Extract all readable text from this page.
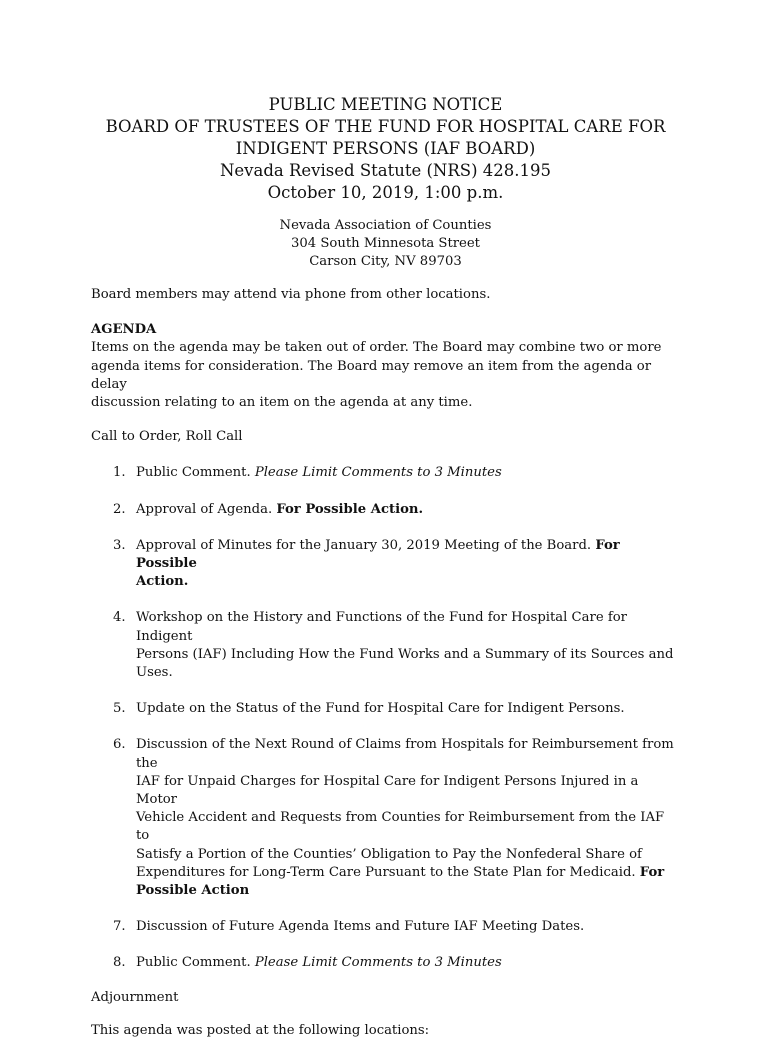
PUBLIC MEETING NOTICE
BOARD OF TRUSTEES OF THE FUND FOR HOSPITAL CARE FOR
INDIGENT PERSONS (IAF BOARD)
Nevada Revised Statute (NRS) 428.195
October 10, 2019, 1:00 p.m.
Nevada Association of Counties
304 South Minnesota Street
Carson City, NV 89703

Board members may attend via phone from other locations.

AGENDA
Items on the agenda may be taken out of order. The Board may combine two or more
agenda items for consideration. The Board may remove an item from the agenda or delay
discussion relating to an item on the agenda at any time.

Call to Order, Roll Call

1. Public Comment. Please Limit Comments to 3 Minutes
2. Approval of Agenda. For Possible Action.
3. Approval of Minutes for the January 30, 2019 Meeting of the Board. For Possible
Action.
4. Workshop on the History and Functions of the Fund for Hospital Care for Indigent
Persons (IAF) Including How the Fund Works and a Summary of its Sources and
Uses.
5. Update on the Status of the Fund for Hospital Care for Indigent Persons.
6. Discussion of the Next Round of Claims from Hospitals for Reimbursement from the
IAF for Unpaid Charges for Hospital Care for Indigent Persons Injured in a Motor
Vehicle Accident and Requests from Counties for Reimbursement from the IAF to
Satisfy a Portion of the Counties’ Obligation to Pay the Nonfederal Share of
Expenditures for Long-Term Care Pursuant to the State Plan for Medicaid. For
Possible Action
7. Discussion of Future Agenda Items and Future IAF Meeting Dates.
8. Public Comment. Please Limit Comments to 3 Minutes

Adjournment

This agenda was posted at the following locations:
